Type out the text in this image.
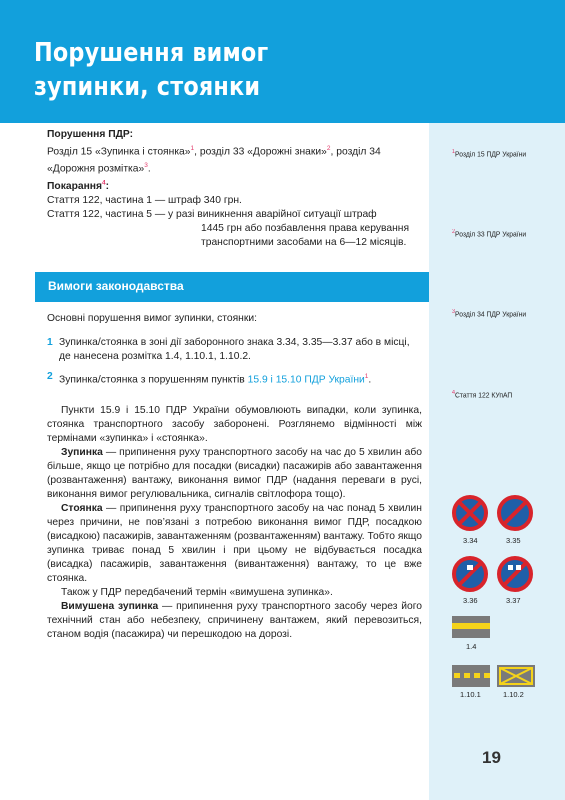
Порушення вимог
зупинки, стоянки
$^1$Розділ 15 ПДР України
$^2$Розділ 33 ПДР України
$^3$Розділ 34 ПДР України
$^4$Стаття 122 КУпАП
Порушення ПДР:
Розділ 15 «Зупинка і стоянка»$^1$, розділ 33 «Дорожні знаки»$^2$, розділ 34 «Дорожня розмітка»$^3$.
Покарання$^4$:
Стаття 122, частина 1 — штраф 340 грн.
Стаття 122, частина 5 — у разі виникнення аварійної ситуації штраф
1445 грн або позбавлення права керування
транспортними засобами на 6—12 місяців.
Вимоги законодавства
Основні порушення вимог зупинки, стоянки:
1 Зупинка/стоянка в зоні дії заборонного знака 3.34, 3.35—3.37 або в місці, де нанесена розмітка 1.4, 1.10.1, 1.10.2.
2 Зупинка/стоянка з порушенням пунктів 15.9 і 15.10 ПДР України$^1$.

Пункти 15.9 і 15.10 ПДР України обумовлюють випадки, коли зупинка, стоянка транспортного засобу заборонені. Розглянемо відмінності між термінами «зупинка» і «стоянка».

Зупинка — припинення руху транспортного засобу на час до 5 хвилин або більше, якщо це потрібно для посадки (висадки) пасажирів або завантаження (розвантаження) вантажу, виконання вимог ПДР (надання переваги в русі, виконання вимог регулювальника, сигналів світлофора тощо).

Стоянка — припинення руху транспортного засобу на час понад 5 хвилин через причини, не пов’язані з потребою виконання вимог ПДР, посадкою (висадкою) пасажирів, завантаженням (розвантаженням) вантажу. Тобто якщо зупинка триває понад 5 хвилин і при цьому не відбувається посадка (висадка) пасажирів, завантаження (вивантаження) вантажу, то це вже стоянка.

Також у ПДР передбачений термін «вимушена зупинка».

Вимушена зупинка — припинення руху транспортного засобу через його технічний стан або небезпеку, спричинену вантажем, який перевозиться, станом водія (пасажира) чи перешкодою на дорозі.

3.34	3.35
3.36	3.37
1.4
1.10.1	1.10.2
19
